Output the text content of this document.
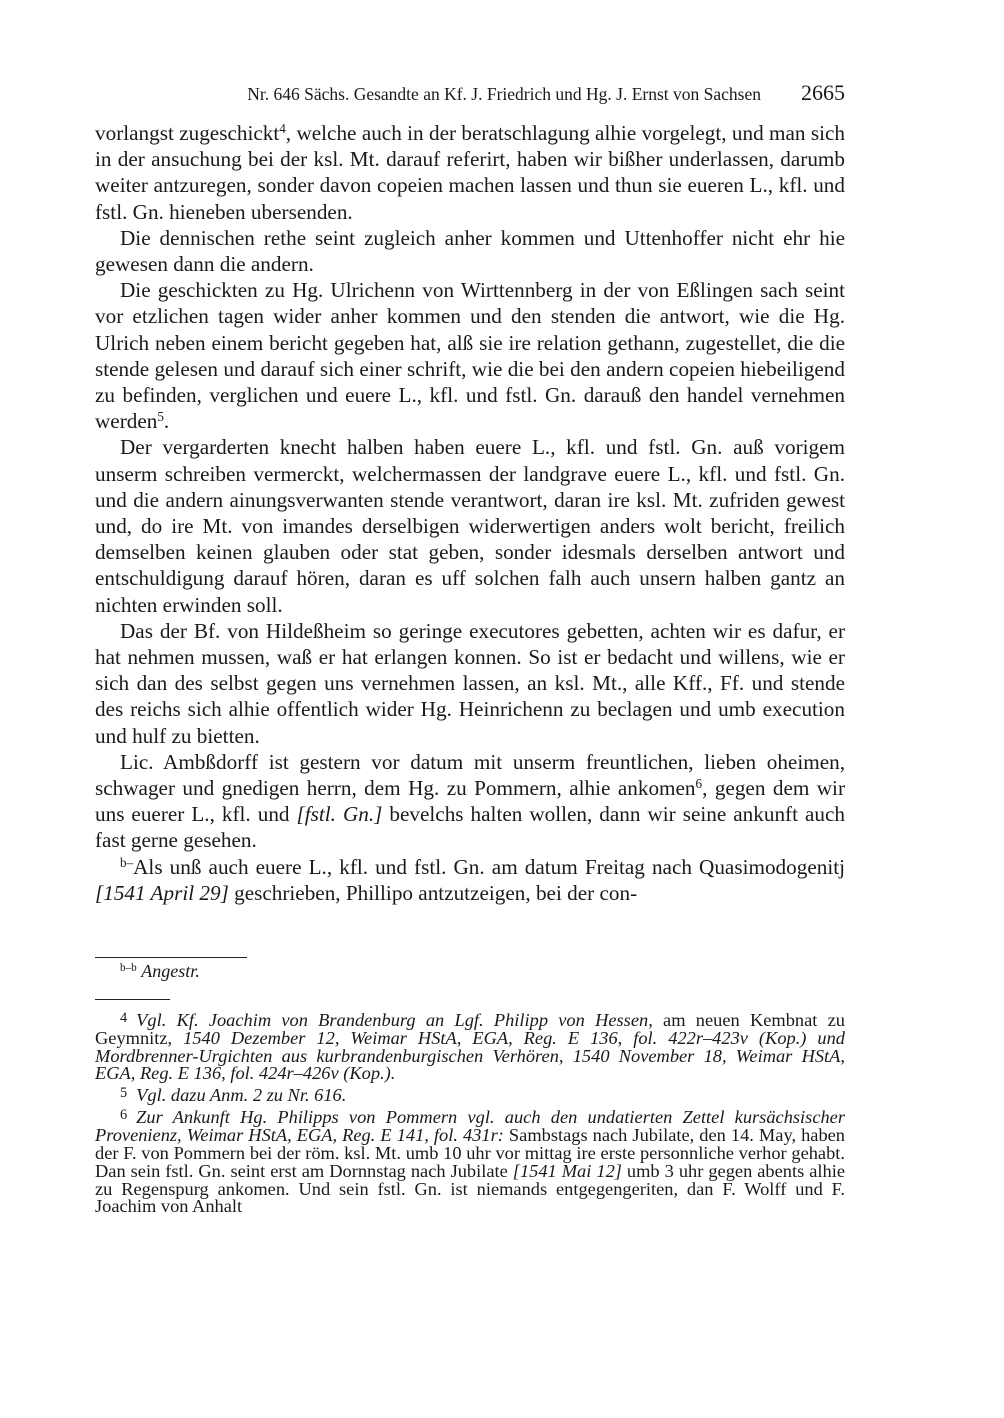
Nr. 646 Sächs. Gesandte an Kf. J. Friedrich und Hg. J. Ernst von Sachsen 2665

vorlangst zugeschickt$^4$, welche auch in der beratschlagung alhie vorgelegt, und man sich in der ansuchung bei der ksl. Mt. darauf referirt, haben wir bißher underlassen, darumb weiter antzuregen, sonder davon copeien machen lassen und thun sie eueren L., kfl. und fstl. Gn. hieneben ubersenden.

Die dennischen rethe seint zugleich anher kommen und Uttenhoffer nicht ehr hie gewesen dann die andern.

Die geschickten zu Hg. Ulrichenn von Wirttennberg in der von Eßlingen sach seint vor etzlichen tagen wider anher kommen und den stenden die antwort, wie die Hg. Ulrich neben einem bericht gegeben hat, alß sie ire relation gethann, zugestellet, die die stende gelesen und darauf sich einer schrift, wie die bei den andern copeien hiebeiligend zu befinden, verglichen und euere L., kfl. und fstl. Gn. darauß den handel vernehmen werden$^5$.

Der vergarderten knecht halben haben euere L., kfl. und fstl. Gn. auß vorigem unserm schreiben vermerckt, welchermassen der landgrave euere L., kfl. und fstl. Gn. und die andern ainungsverwanten stende verantwort, daran ire ksl. Mt. zufriden gewest und, do ire Mt. von imandes derselbigen widerwertigen anders wolt bericht, freilich demselben keinen glauben oder stat geben, sonder idesmals derselben antwort und entschuldigung darauf hören, daran es uff solchen falh auch unsern halben gantz an nichten erwinden soll.

Das der Bf. von Hildeßheim so geringe executores gebetten, achten wir es dafur, er hat nehmen mussen, waß er hat erlangen konnen. So ist er bedacht und willens, wie er sich dan des selbst gegen uns vernehmen lassen, an ksl. Mt., alle Kff., Ff. und stende des reichs sich alhie offentlich wider Hg. Heinrichenn zu beclagen und umb execution und hulf zu bietten.

Lic. Ambßdorff ist gestern vor datum mit unserm freuntlichen, lieben oheimen, schwager und gnedigen herrn, dem Hg. zu Pommern, alhie ankomen$^6$, gegen dem wir uns euerer L., kfl. und [fstl. Gn.] bevelchs halten wollen, dann wir seine ankunft auch fast gerne gesehen.

$^{b-}$Als unß auch euere L., kfl. und fstl. Gn. am datum Freitag nach Quasimodogenitj [1541 April 29] geschrieben, Phillipo antzutzeigen, bei der con-

$^{b-b}$ Angestr.

$^4$ Vgl. Kf. Joachim von Brandenburg an Lgf. Philipp von Hessen, am neuen Kembnat zu Geymnitz, 1540 Dezember 12, Weimar HStA, EGA, Reg. E 136, fol. 422r–423v (Kop.) und Mordbrenner-Urgichten aus kurbrandenburgischen Verhören, 1540 November 18, Weimar HStA, EGA, Reg. E 136, fol. 424r–426v (Kop.).

$^5$ Vgl. dazu Anm. 2 zu Nr. 616.

$^6$ Zur Ankunft Hg. Philipps von Pommern vgl. auch den undatierten Zettel kursächsischer Provenienz, Weimar HStA, EGA, Reg. E 141, fol. 431r: Sambstags nach Jubilate, den 14. May, haben der F. von Pommern bei der röm. ksl. Mt. umb 10 uhr vor mittag ire erste personnliche verhor gehabt. Dan sein fstl. Gn. seint erst am Dornnstag nach Jubilate [1541 Mai 12] umb 3 uhr gegen abents alhie zu Regenspurg ankomen. Und sein fstl. Gn. ist niemands entgegengeriten, dan F. Wolff und F. Joachim von Anhalt
